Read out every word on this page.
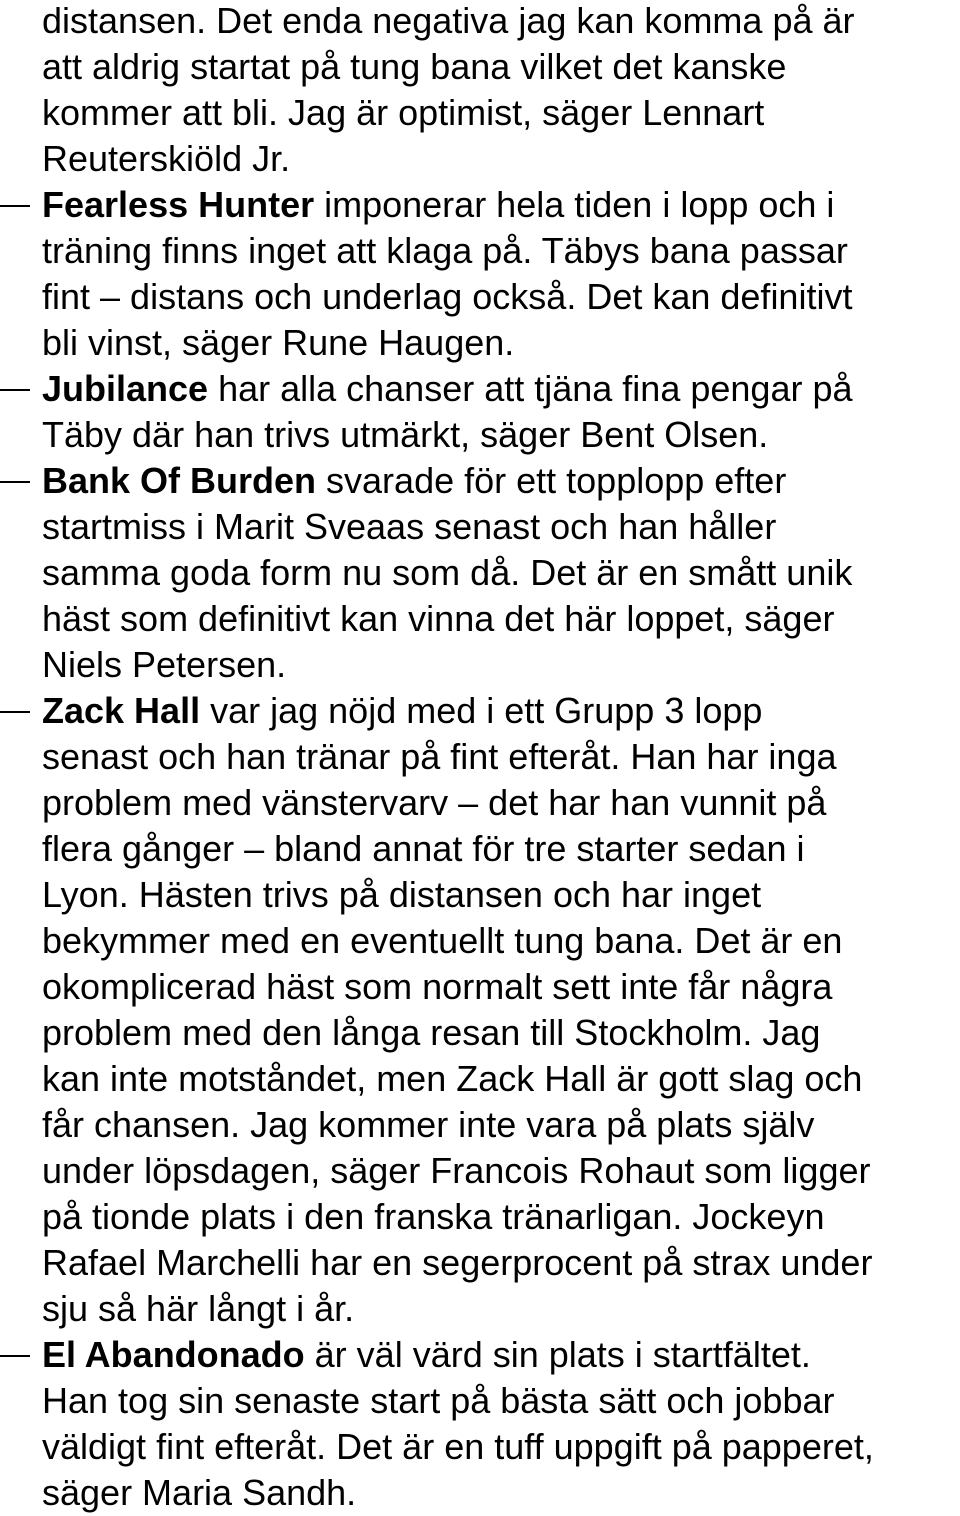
distansen. Det enda negativa jag kan komma på är
att aldrig startat på tung bana vilket det kanske
kommer att bli. Jag är optimist, säger Lennart
Reuterskiöld Jr.
Fearless Hunter imponerar hela tiden i lopp och i
träning finns inget att klaga på. Täbys bana passar
fint – distans och underlag också. Det kan definitivt
bli vinst, säger Rune Haugen.
Jubilance har alla chanser att tjäna fina pengar på
Täby där han trivs utmärkt, säger Bent Olsen.
Bank Of Burden svarade för ett topplopp efter
startmiss i Marit Sveaas senast och han håller
samma goda form nu som då. Det är en smått unik
häst som definitivt kan vinna det här loppet, säger
Niels Petersen.
Zack Hall var jag nöjd med i ett Grupp 3 lopp
senast och han tränar på fint efteråt. Han har inga
problem med vänstervarv – det har han vunnit på
flera gånger – bland annat för tre starter sedan i
Lyon. Hästen trivs på distansen och har inget
bekymmer med en eventuellt tung bana. Det är en
okomplicerad häst som normalt sett inte får några
problem med den långa resan till Stockholm. Jag
kan inte motståndet, men Zack Hall är gott slag och
får chansen. Jag kommer inte vara på plats själv
under löpsdagen, säger Francois Rohaut som ligger
på tionde plats i den franska tränarligan. Jockeyn
Rafael Marchelli har en segerprocent på strax under
sju så här långt i år.
El Abandonado är väl värd sin plats i startfältet.
Han tog sin senaste start på bästa sätt och jobbar
väldigt fint efteråt. Det är en tuff uppgift på papperet,
säger Maria Sandh.
